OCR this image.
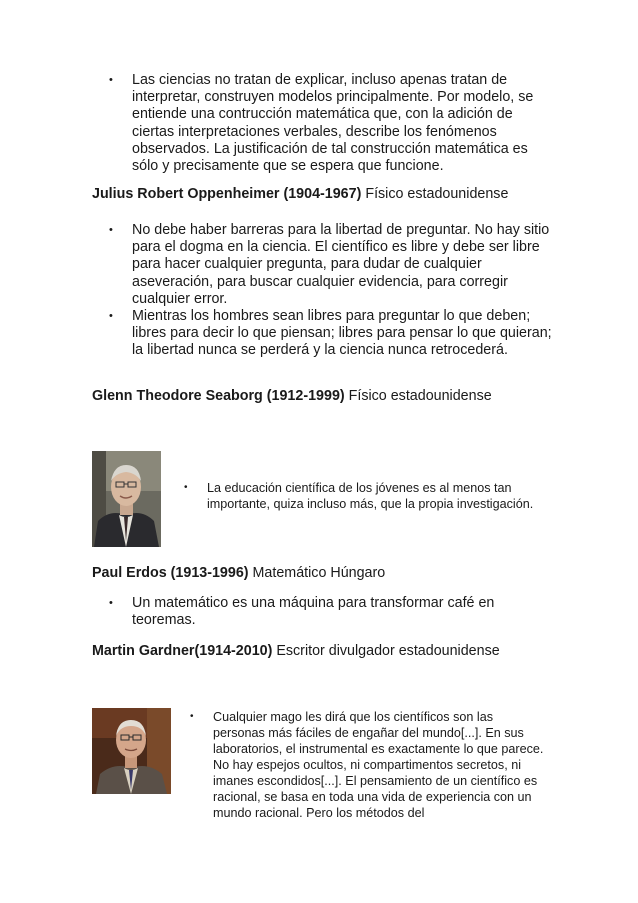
• Las ciencias no tratan de explicar, incluso apenas tratan de interpretar, construyen modelos principalmente. Por modelo, se entiende una contrucción matemática que, con la adición de ciertas interpretaciones verbales, describe los fenómenos observados. La justificación de tal construcción matemática es sólo y precisamente que se espera que funcione.
Julius Robert Oppenheimer (1904-1967) Físico estadounidense
• No debe haber barreras para la libertad de preguntar. No hay sitio para el dogma en la ciencia. El científico es libre y debe ser libre para hacer cualquier pregunta, para dudar de cualquier aseveración, para buscar cualquier evidencia, para corregir cualquier error.
• Mientras los hombres sean libres para preguntar lo que deben; libres para decir lo que piensan; libres para pensar lo que quieran; la libertad nunca se perderá y la ciencia nunca retrocederá.
Glenn Theodore Seaborg (1912-1999) Físico estadounidense
• La educación científica de los jóvenes es al menos tan importante, quiza incluso más, que la propia investigación.
Paul Erdos (1913-1996) Matemático Húngaro
• Un matemático es una máquina para transformar café en teoremas.
Martin Gardner(1914-2010) Escritor divulgador estadounidense
• Cualquier mago les dirá que los científicos son las personas más fáciles de engañar del mundo[...]. En sus laboratorios, el instrumental es exactamente lo que parece. No hay espejos ocultos, ni compartimentos secretos, ni imanes escondidos[...]. El pensamiento de un científico es racional, se basa en toda una vida de experiencia con un mundo racional. Pero los métodos del
